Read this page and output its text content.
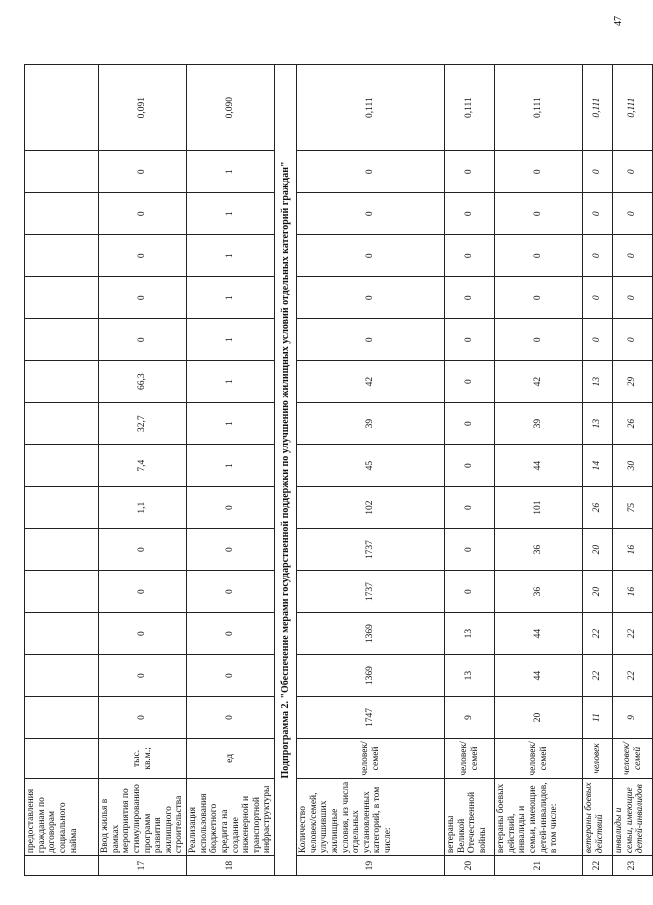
47
	предоставления гражданам по договорам социального найма																
17	Ввод жилья в рамках мероприятия по стимулированию программ развития жилищного строительства	тыс. кв.м.;	0	0	0	0	0	1,1	7,4	32,7	66,3	0	0	0	0	0	0,091
18	Реализация использования бюджетного кредита на создание инженерной и транспортной инфраструктуры	ед	0	0	0	0	0	0	1	1	1	1	1	1	1	1	0,090
Подпрограмма 2. "Обеспечение мерами государственной поддержки по улучшению жилищных условий отдельных категорий граждан"																	
19	Количество человек/семей, улучшивших жилищные условия, из числа отдельных установленных категорий, в том числе:	человек/ семей	1747	1369	1369	1737	1737	102	45	39	42	0	0	0	0	0	0,111
20	ветераны Великой Отечественной войны	человек/ семей	9	13	13	0	0	0	0	0	0	0	0	0	0	0	0,111
21	ветераны боевых действий, инвалиды и семьи, имеющие детей-инвалидов, в том числе:	человек/ семей	20	44	44	36	36	101	44	39	42	0	0	0	0	0	0,111
22	ветераны боевых действий	человек	11	22	22	20	20	26	14	13	13	0	0	0	0	0	0,111
23	инвалиды и семьи, имеющие детей-инвалидов	человек/ семей	9	22	22	16	16	75	30	26	29	0	0	0	0	0	0,111
